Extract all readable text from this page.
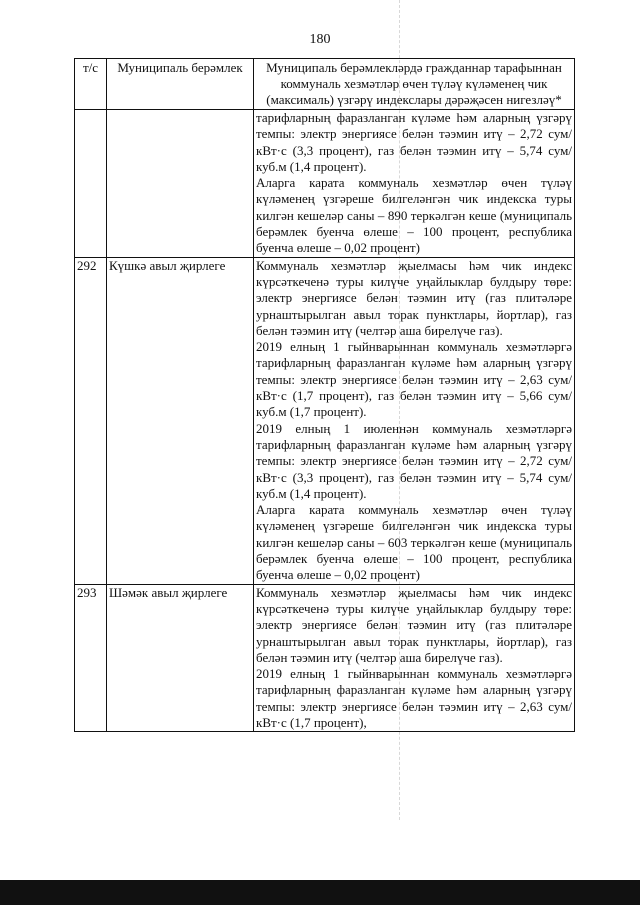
180
т/с	Муниципаль берәмлек	Муниципаль берәмлекләрдә гражданнар тарафыннан коммуналь хезмәтләр өчен түләү күләменең чик (максималь) үзгәрү индекслары дәрәҗәсен нигезләү*

		тарифларның фаразланган күләме һәм аларның үзгәрү темпы: электр энергиясе белән тәэмин итү – 2,72 сум/кВт·с (3,3 процент), газ белән тәэмин итү – 5,74 сум/куб.м (1,4 процент).

Аларга карата коммуналь хезмәтләр өчен түләү күләменең үзгәреше билгеләнгән чик индекска туры килгән кешеләр саны – 890 теркәлгән кеше (муниципаль берәмлек буенча өлеше – 100 процент, республика буенча өлеше – 0,02 процент)

292	Күшкә авыл җирлеге	Коммуналь хезмәтләр җыелмасы һәм чик индекс күрсәткеченә туры килүче уңайлыклар булдыру төре: электр энергиясе белән тәэмин итү (газ плитәләре урнаштырылган авыл торак пунктлары, йортлар), газ белән тәэмин итү (челтәр аша бирелүче газ).

2019 елның 1 гыйнварыннан коммуналь хезмәтләргә тарифларның фаразланган күләме һәм аларның үзгәрү темпы: электр энергиясе белән тәэмин итү – 2,63 сум/кВт·с (1,7 процент), газ белән тәэмин итү – 5,66 сум/куб.м (1,7 процент).

2019 елның 1 июленнән коммуналь хезмәтләргә тарифларның фаразланган күләме һәм аларның үзгәрү темпы: электр энергиясе белән тәэмин итү – 2,72 сум/кВт·с (3,3 процент), газ белән тәэмин итү – 5,74 сум/куб.м (1,4 процент).

Аларга карата коммуналь хезмәтләр өчен түләү күләменең үзгәреше билгеләнгән чик индекска туры килгән кешеләр саны – 603 теркәлгән кеше (муниципаль берәмлек буенча өлеше – 100 процент, республика буенча өлеше – 0,02 процент)

293	Шәмәк авыл җирлеге	Коммуналь хезмәтләр җыелмасы һәм чик индекс күрсәткеченә туры килүче уңайлыклар булдыру төре: электр энергиясе белән тәэмин итү (газ плитәләре урнаштырылган авыл торак пунктлары, йортлар), газ белән тәэмин итү (челтәр аша бирелүче газ).

2019 елның 1 гыйнварыннан коммуналь хезмәтләргә тарифларның фаразланган күләме һәм аларның үзгәрү темпы: электр энергиясе белән тәэмин итү – 2,63 сум/кВт·с (1,7 процент),
